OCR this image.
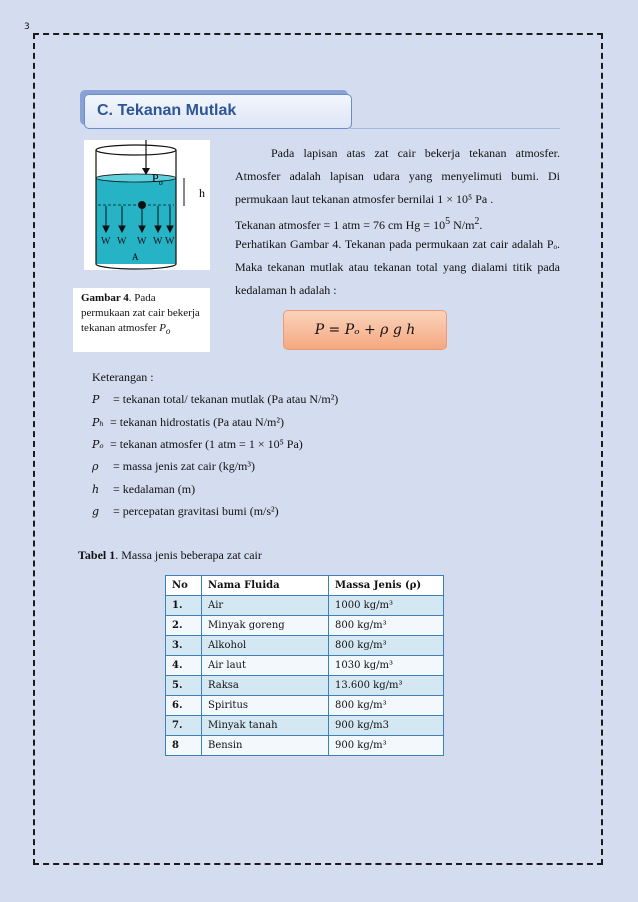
3
C. Tekanan Mutlak
$P_o$
h
W W W W W
A
Gambar 4. Pada permukaan zat cair bekerja tekanan atmosfer $P_o$
Pada lapisan atas zat cair bekerja tekanan atmosfer. Atmosfer adalah lapisan udara yang menyelimuti bumi. Di permukaan laut tekanan atmosfer bernilai 1 × 10⁵ Pa .
Tekanan atmosfer = 1 atm = 76 cm $Hg = 10^5$ $N/m^2$.
Perhatikan Gambar 4. Tekanan pada permukaan zat cair adalah Pₒ. Maka tekanan mutlak atau tekanan total yang dialami titik pada kedalaman h adalah :
P = Pₒ + ρ g h
Keterangan :
P = tekanan total/ tekanan mutlak (Pa atau N/m²)
Pₕ = tekanan hidrostatis (Pa atau N/m²)
Pₒ = tekanan atmosfer (1 atm = 1 × 10⁵ Pa)
ρ = massa jenis zat cair (kg/m³)
h = kedalaman (m)
g = percepatan gravitasi bumi (m/s²)
Tabel 1. Massa jenis beberapa zat cair
No	Nama Fluida	Massa Jenis (ρ)
1.	Air	1000 kg/m³
2.	Minyak goreng	800 kg/m³
3.	Alkohol	800 kg/m³
4.	Air laut	1030 kg/m³
5.	Raksa	13.600 kg/m³
6.	Spiritus	800 kg/m³
7.	Minyak tanah	900 kg/m3
8	Bensin	900 kg/m³
